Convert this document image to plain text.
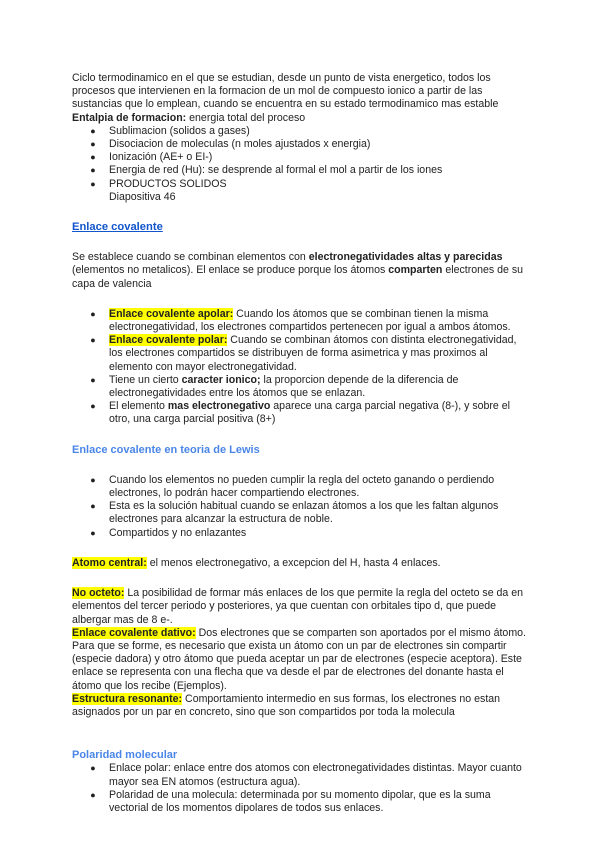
Ciclo termodinamico en el que se estudian, desde un punto de vista energetico, todos los procesos que intervienen en la formacion de un mol de compuesto ionico a partir de las sustancias que lo emplean, cuando se encuentra en su estado termodinamico mas estable

Entalpia de formacion: energia total del proceso

● Sublimacion (solidos a gases)
● Disociacion de moleculas (n moles ajustados x energia)
● Ionización (AE+ o EI-)
● Energia de red (Hu): se desprende al formal el mol a partir de los iones
● PRODUCTOS SOLIDOS
Diapositiva 46

Enlace covalente

Se establece cuando se combinan elementos con electronegatividades altas y parecidas (elementos no metalicos). El enlace se produce porque los átomos comparten electrones de su capa de valencia

● Enlace covalente apolar: Cuando los átomos que se combinan tienen la misma electronegatividad, los electrones compartidos pertenecen por igual a ambos átomos.
● Enlace covalente polar: Cuando se combinan átomos con distinta electronegatividad, los electrones compartidos se distribuyen de forma asimetrica y mas proximos al elemento con mayor electronegatividad.
● Tiene un cierto caracter ionico; la proporcion depende de la diferencia de electronegatividades entre los átomos que se enlazan.
● El elemento mas electronegativo aparece una carga parcial negativa (8-), y sobre el otro, una carga parcial positiva (8+)

Enlace covalente en teoria de Lewis

● Cuando los elementos no pueden cumplir la regla del octeto ganando o perdiendo electrones, lo podrán hacer compartiendo electrones.
● Esta es la solución habitual cuando se enlazan átomos a los que les faltan algunos electrones para alcanzar la estructura de noble.
● Compartidos y no enlazantes

Atomo central: el menos electronegativo, a excepcion del H, hasta 4 enlaces.

No octeto: La posibilidad de formar más enlaces de los que permite la regla del octeto se da en elementos del tercer periodo y posteriores, ya que cuentan con orbitales tipo d, que puede albergar mas de 8 e-.

Enlace covalente dativo: Dos electrones que se comparten son aportados por el mismo átomo. Para que se forme, es necesario que exista un átomo con un par de electrones sin compartir (especie dadora) y otro átomo que pueda aceptar un par de electrones (especie aceptora). Este enlace se representa con una flecha que va desde el par de electrones del donante hasta el átomo que los recibe (Ejemplos).

Estructura resonante: Comportamiento intermedio en sus formas, los electrones no estan asignados por un par en concreto, sino que son compartidos por toda la molecula

Polaridad molecular

● Enlace polar: enlace entre dos atomos con electronegatividades distintas. Mayor cuanto mayor sea EN atomos (estructura agua).
● Polaridad de una molecula: determinada por su momento dipolar, que es la suma vectorial de los momentos dipolares de todos sus enlaces.
